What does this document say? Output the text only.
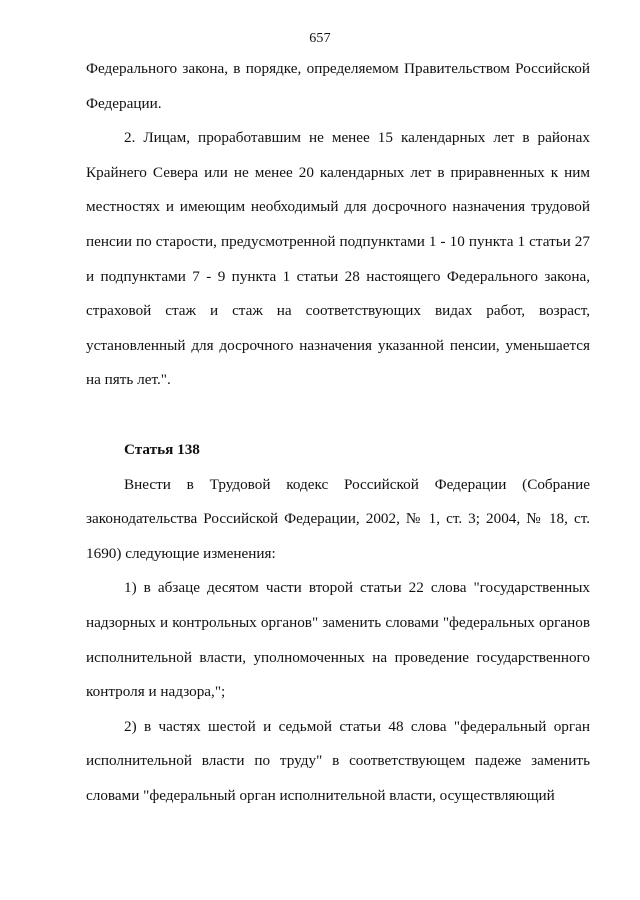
657

Федерального закона, в порядке, определяемом Правительством Российской Федерации.

2. Лицам, проработавшим не менее 15 календарных лет в районах Крайнего Севера или не менее 20 календарных лет в приравненных к ним местностях и имеющим необходимый для досрочного назначения трудовой пенсии по старости, предусмотренной подпунктами 1 - 10 пункта 1 статьи 27 и подпунктами 7 - 9 пункта 1 статьи 28 настоящего Федерального закона, страховой стаж и стаж на соответствующих видах работ, возраст, установленный для досрочного назначения указанной пенсии, уменьшается на пять лет.".

Статья 138

Внести в Трудовой кодекс Российской Федерации (Собрание законодательства Российской Федерации, 2002, № 1, ст. 3; 2004, № 18, ст. 1690) следующие изменения:

1) в абзаце десятом части второй статьи 22 слова "государственных надзорных и контрольных органов" заменить словами "федеральных органов исполнительной власти, уполномоченных на проведение государственного контроля и надзора,";

2) в частях шестой и седьмой статьи 48 слова "федеральный орган исполнительной власти по труду" в соответствующем падеже заменить словами "федеральный орган исполнительной власти, осуществляющий
